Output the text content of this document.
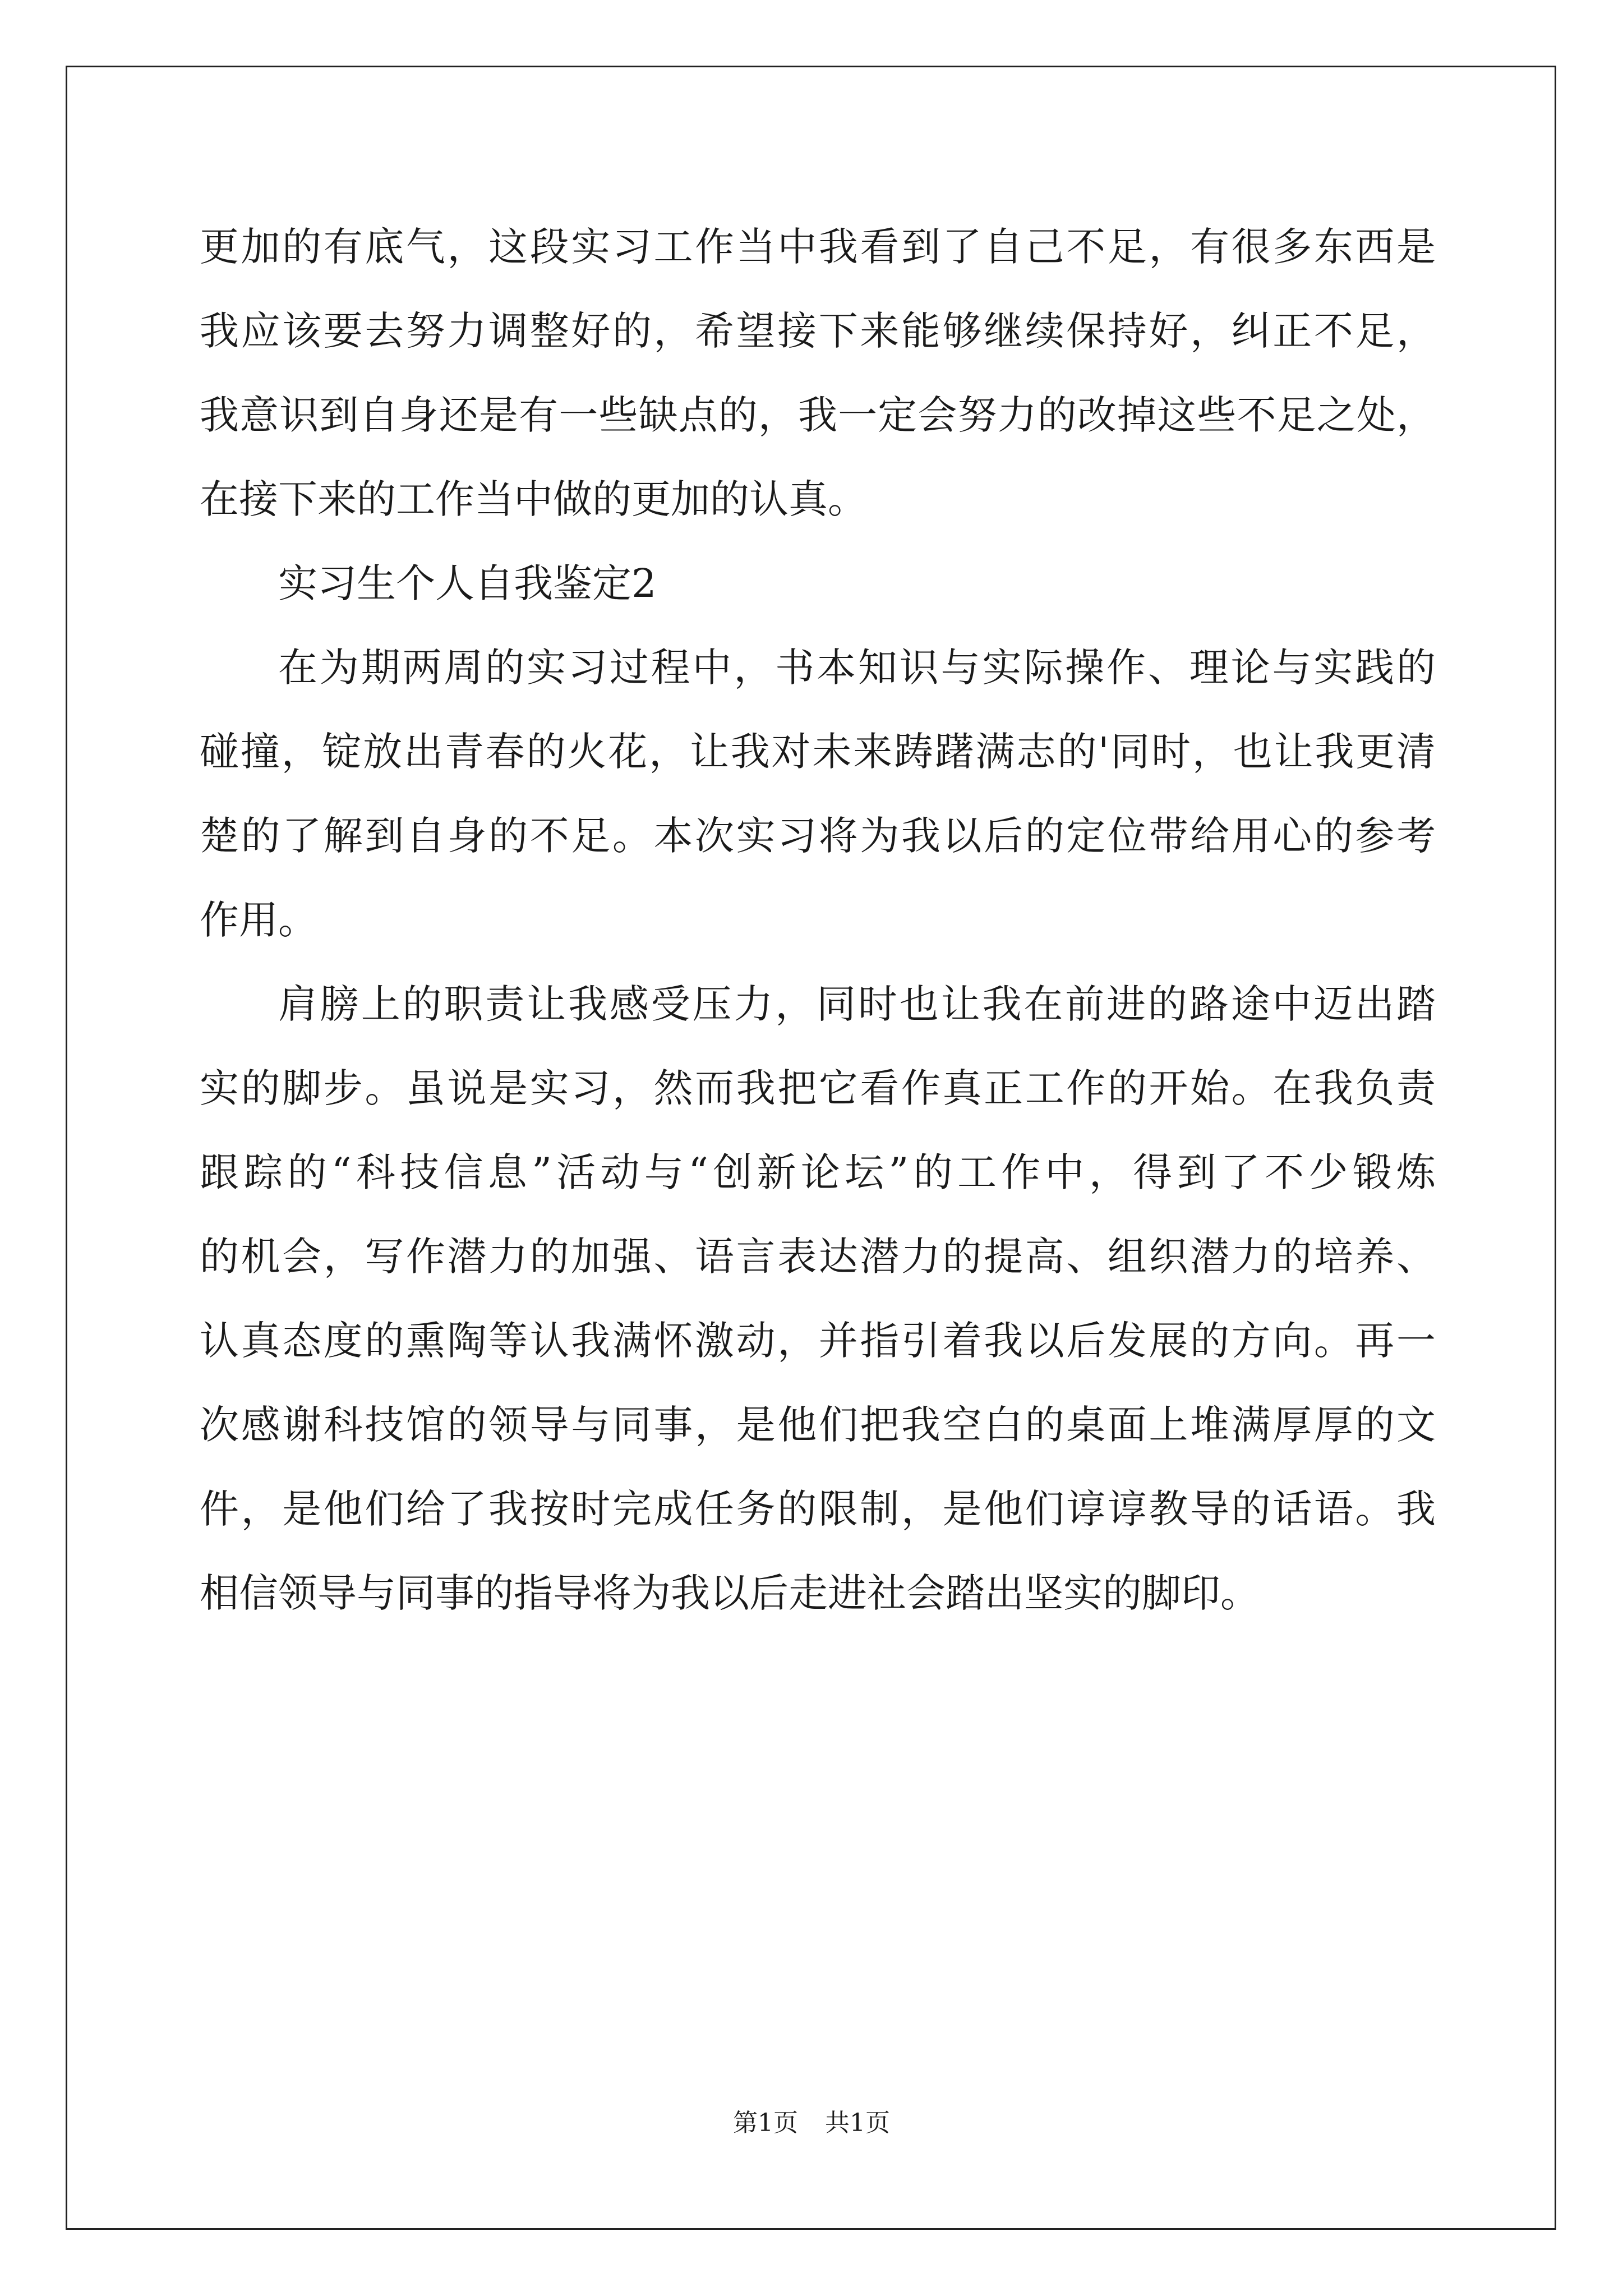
更加的有底气，这段实习工作当中我看到了自己不足，有很多东西是
我应该要去努力调整好的，希望接下来能够继续保持好，纠正不足，
我意识到自身还是有一些缺点的，我一定会努力的改掉这些不足之处，
在接下来的工作当中做的更加的认真。
实习生个人自我鉴定2
在为期两周的实习过程中，书本知识与实际操作、理论与实践的
碰撞，锭放出青春的火花，让我对未来踌躇满志的'同时，也让我更清
楚的了解到自身的不足。本次实习将为我以后的定位带给用心的参考
作用。
肩膀上的职责让我感受压力，同时也让我在前进的路途中迈出踏
实的脚步。虽说是实习，然而我把它看作真正工作的开始。在我负责
跟踪的“科技信息”活动与“创新论坛”的工作中，得到了不少锻炼
的机会，写作潜力的加强、语言表达潜力的提高、组织潜力的培养、
认真态度的熏陶等认我满怀激动，并指引着我以后发展的方向。再一
次感谢科技馆的领导与同事，是他们把我空白的桌面上堆满厚厚的文
件，是他们给了我按时完成任务的限制，是他们谆谆教导的话语。我
相信领导与同事的指导将为我以后走进社会踏出坚实的脚印。
第1页 共1页
